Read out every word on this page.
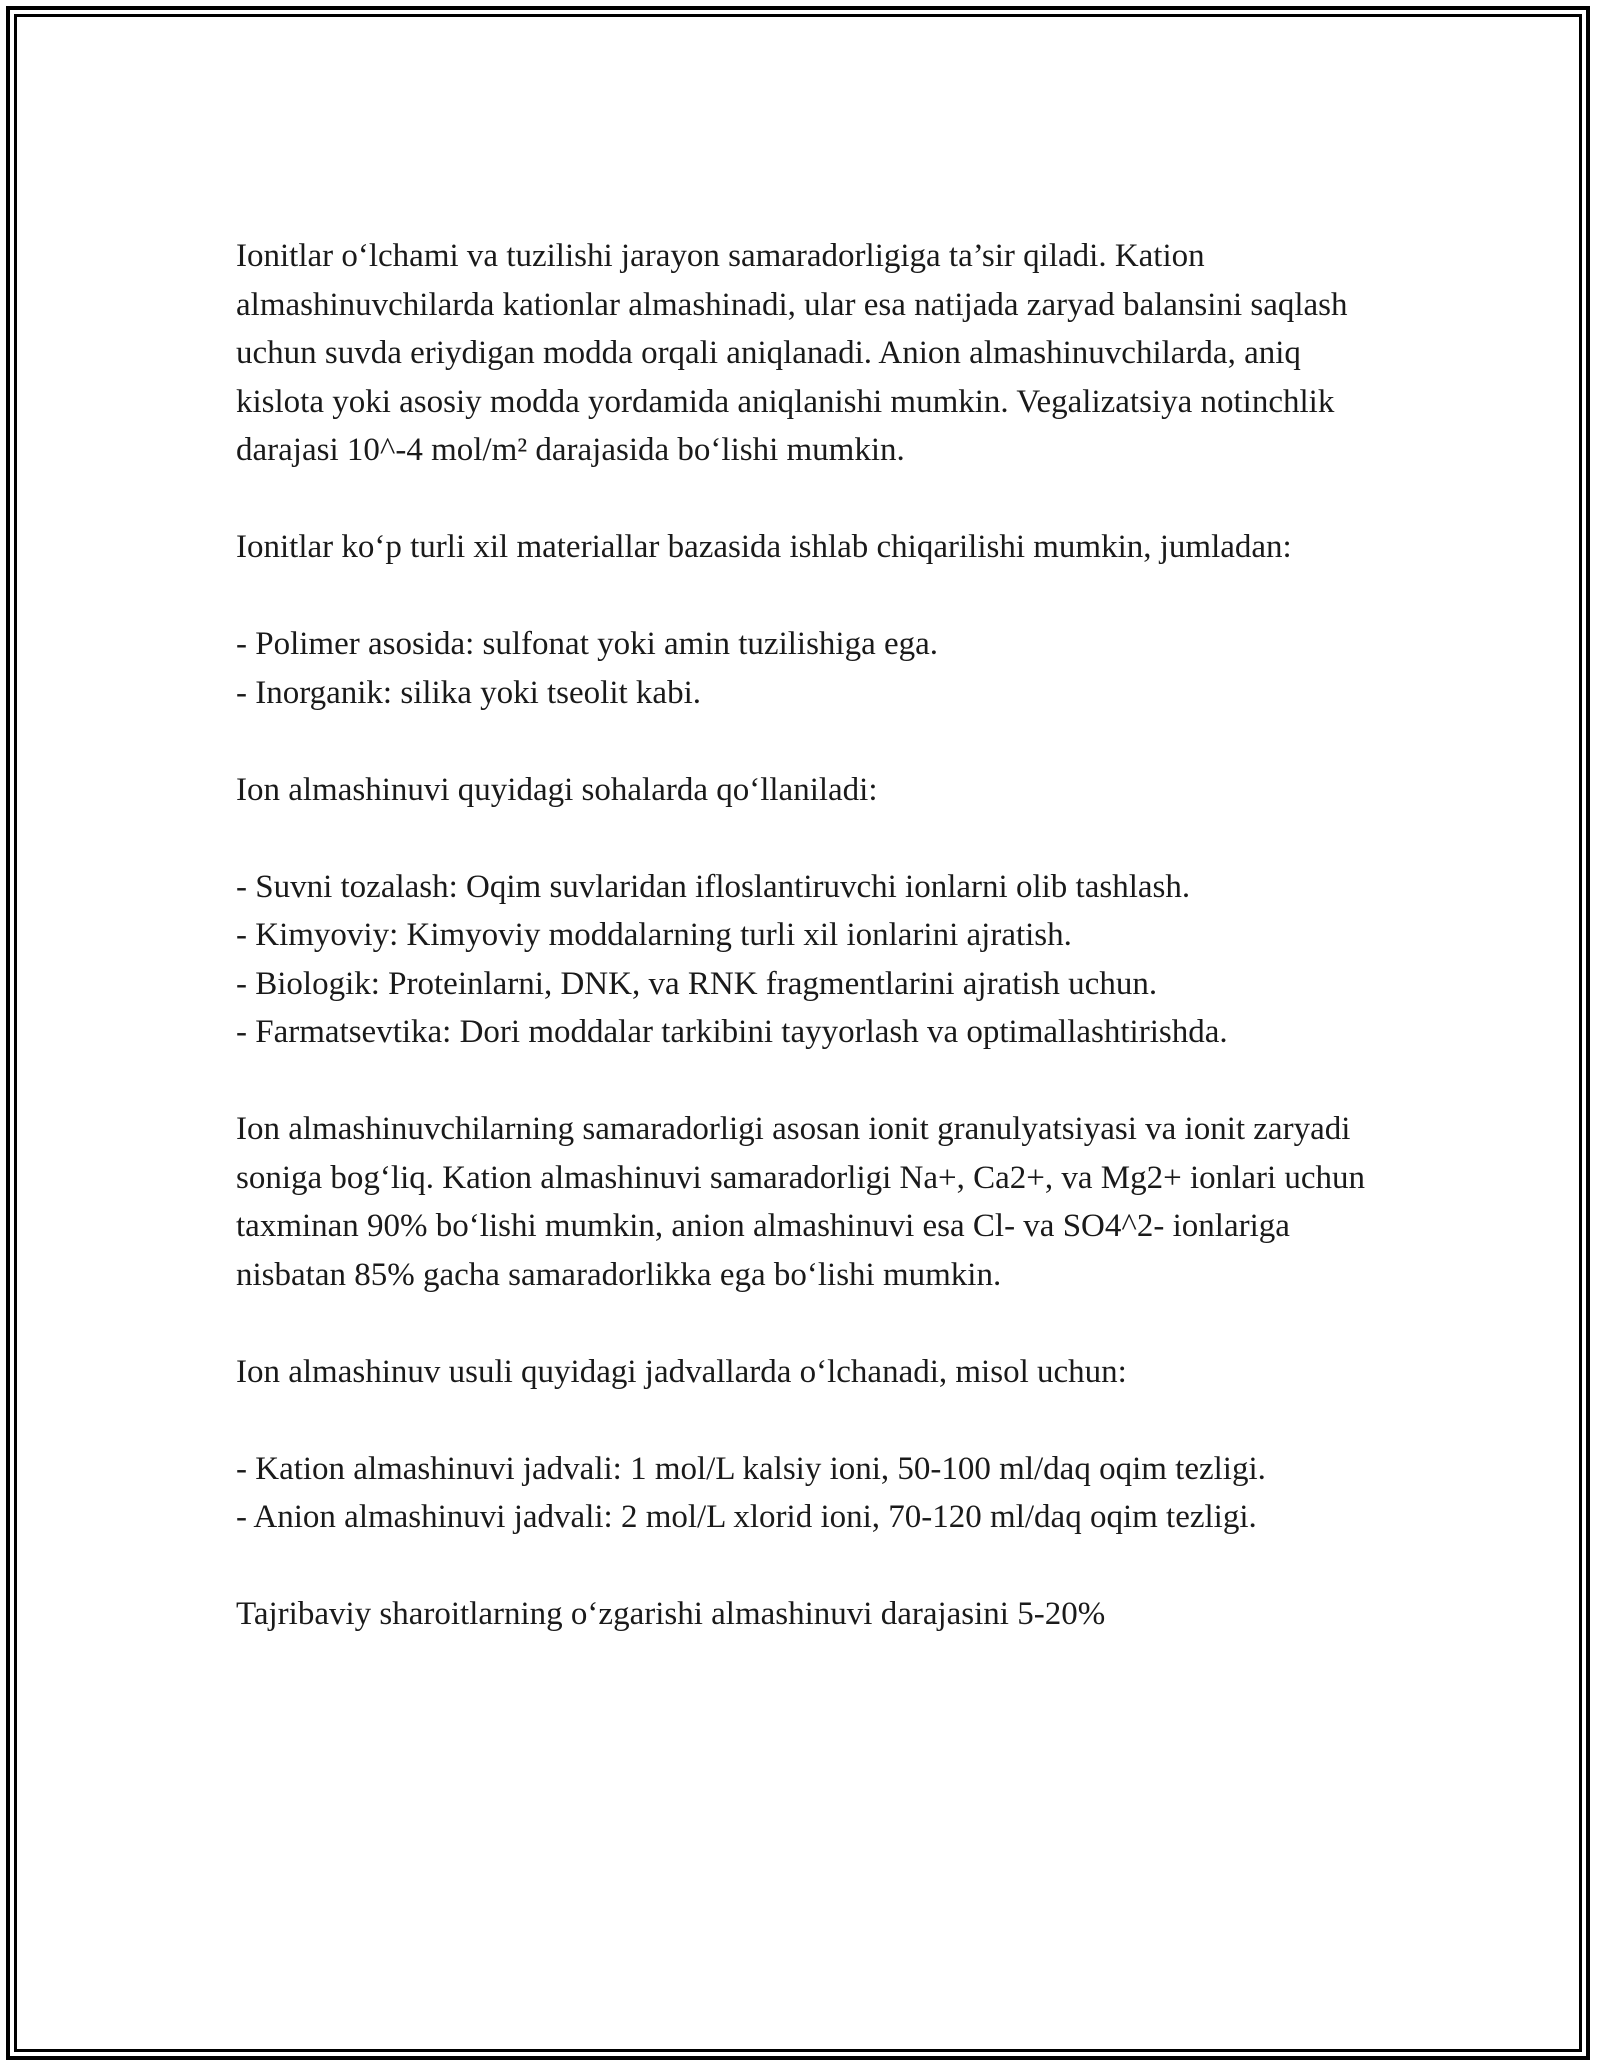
Ionitlar o‘lchami va tuzilishi jarayon samaradorligiga ta’sir qiladi. Kation almashinuvchilarda kationlar almashinadi, ular esa natijada zaryad balansini saqlash uchun suvda eriydigan modda orqali aniqlanadi. Anion almashinuvchilarda, aniq kislota yoki asosiy modda yordamida aniqlanishi mumkin. Vegalizatsiya notinchlik darajasi 10^-4 mol/m² darajasida bo‘lishi mumkin.

Ionitlar ko‘p turli xil materiallar bazasida ishlab chiqarilishi mumkin, jumladan:

- Polimer asosida: sulfonat yoki amin tuzilishiga ega.

- Inorganik: silika yoki tseolit kabi.

Ion almashinuvi quyidagi sohalarda qo‘llaniladi:

- Suvni tozalash: Oqim suvlaridan ifloslantiruvchi ionlarni olib tashlash.

- Kimyoviy: Kimyoviy moddalarning turli xil ionlarini ajratish.

- Biologik: Proteinlarni, DNK, va RNK fragmentlarini ajratish uchun.

- Farmatsevtika: Dori moddalar tarkibini tayyorlash va optimallashtirishda.

Ion almashinuvchilarning samaradorligi asosan ionit granulyatsiyasi va ionit zaryadi soniga bog‘liq. Kation almashinuvi samaradorligi Na+, Ca2+, va Mg2+ ionlari uchun taxminan 90% bo‘lishi mumkin, anion almashinuvi esa Cl- va SO4^2- ionlariga nisbatan 85% gacha samaradorlikka ega bo‘lishi mumkin.

Ion almashinuv usuli quyidagi jadvallarda o‘lchanadi, misol uchun:

- Kation almashinuvi jadvali: 1 mol/L kalsiy ioni, 50-100 ml/daq oqim tezligi.

- Anion almashinuvi jadvali: 2 mol/L xlorid ioni, 70-120 ml/daq oqim tezligi.

Tajribaviy sharoitlarning o‘zgarishi almashinuvi darajasini 5-20%
